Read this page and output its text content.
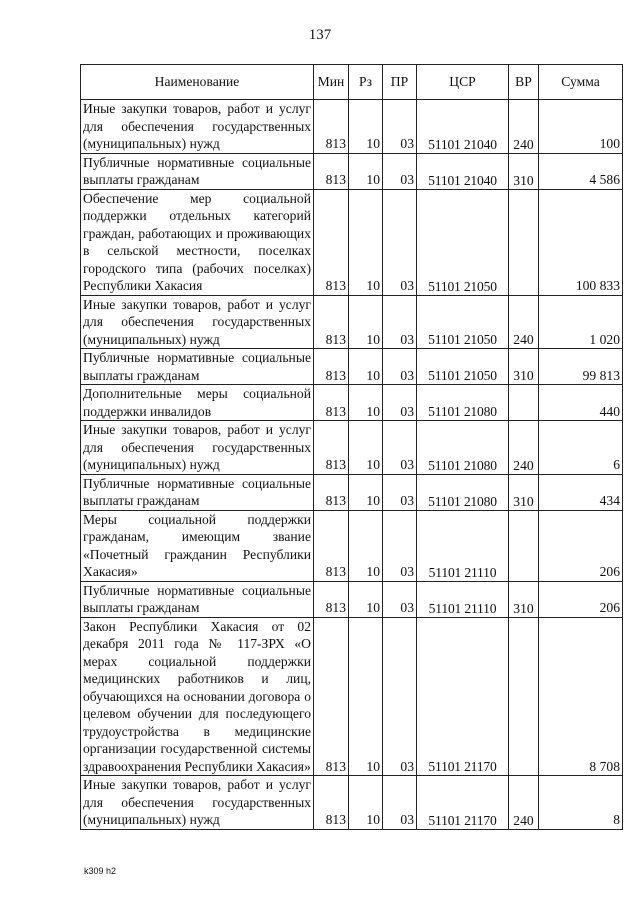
137
Наименование	Мин	Рз	ПР	ЦСР	ВР	Сумма
Иные закупки товаров, работ и услуг для обеспечения государственных (муниципальных) нужд	813	10	03	51101 21040	240	100
Публичные нормативные социальные выплаты гражданам	813	10	03	51101 21040	310	4 586
Обеспечение мер социальной поддержки отдельных категорий граждан, работающих и проживающих в сельской местности, поселках городского типа (рабочих поселках) Республики Хакасия	813	10	03	51101 21050		100 833
Иные закупки товаров, работ и услуг для обеспечения государственных (муниципальных) нужд	813	10	03	51101 21050	240	1 020
Публичные нормативные социальные выплаты гражданам	813	10	03	51101 21050	310	99 813
Дополнительные меры социальной поддержки инвалидов	813	10	03	51101 21080		440
Иные закупки товаров, работ и услуг для обеспечения государственных (муниципальных) нужд	813	10	03	51101 21080	240	6
Публичные нормативные социальные выплаты гражданам	813	10	03	51101 21080	310	434
Меры социальной поддержки гражданам, имеющим звание «Почетный гражданин Республики Хакасия»	813	10	03	51101 21110		206
Публичные нормативные социальные выплаты гражданам	813	10	03	51101 21110	310	206
Закон Республики Хакасия от 02 декабря 2011 года № 117-ЗРХ «О мерах социальной поддержки медицинских работников и лиц, обучающихся на основании договора о целевом обучении для последующего трудоустройства в медицинские организации государственной системы здравоохранения Республики Хакасия»	813	10	03	51101 21170		8 708
Иные закупки товаров, работ и услуг для обеспечения государственных (муниципальных) нужд	813	10	03	51101 21170	240	8
k309 h2
